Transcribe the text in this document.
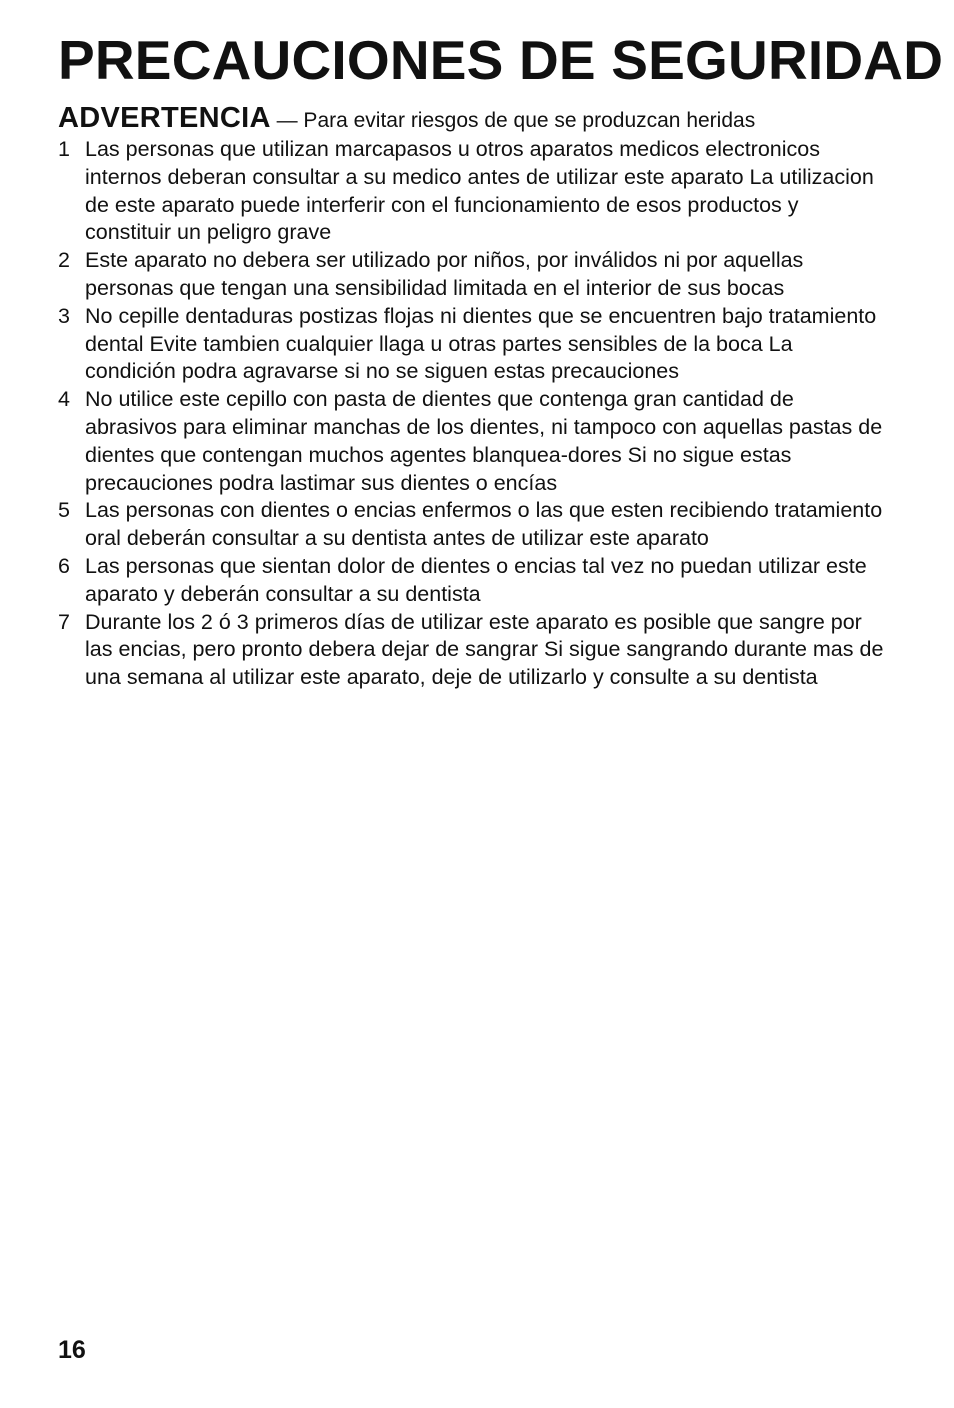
PRECAUCIONES DE SEGURIDAD
ADVERTENCIA — Para evitar riesgos de que se produzcan heridas
1 Las personas que utilizan marcapasos u otros aparatos medicos electronicos internos deberan consultar a su medico antes de utilizar este aparato La utilizacion de este aparato puede interferir con el funcionamiento de esos productos y constituir un peligro grave
2 Este aparato no debera ser utilizado por niños, por inválidos ni por aquellas personas que tengan una sensibilidad limitada en el interior de sus bocas
3 No cepille dentaduras postizas flojas ni dientes que se encuentren bajo tratamiento dental Evite tambien cualquier llaga u otras partes sensibles de la boca La condición podra agravarse si no se siguen estas precauciones
4 No utilice este cepillo con pasta de dientes que contenga gran cantidad de abrasivos para eliminar manchas de los dientes, ni tampoco con aquellas pastas de dientes que contengan muchos agentes blanquea-dores Si no sigue estas precauciones podra lastimar sus dientes o encías
5 Las personas con dientes o encias enfermos o las que esten recibiendo tratamiento oral deberán consultar a su dentista antes de utilizar este aparato
6 Las personas que sientan dolor de dientes o encias tal vez no puedan utilizar este aparato y deberán consultar a su dentista
7 Durante los 2 ó 3 primeros días de utilizar este aparato es posible que sangre por las encias, pero pronto debera dejar de sangrar Si sigue sangrando durante mas de una semana al utilizar este aparato, deje de utilizarlo y consulte a su dentista
16
